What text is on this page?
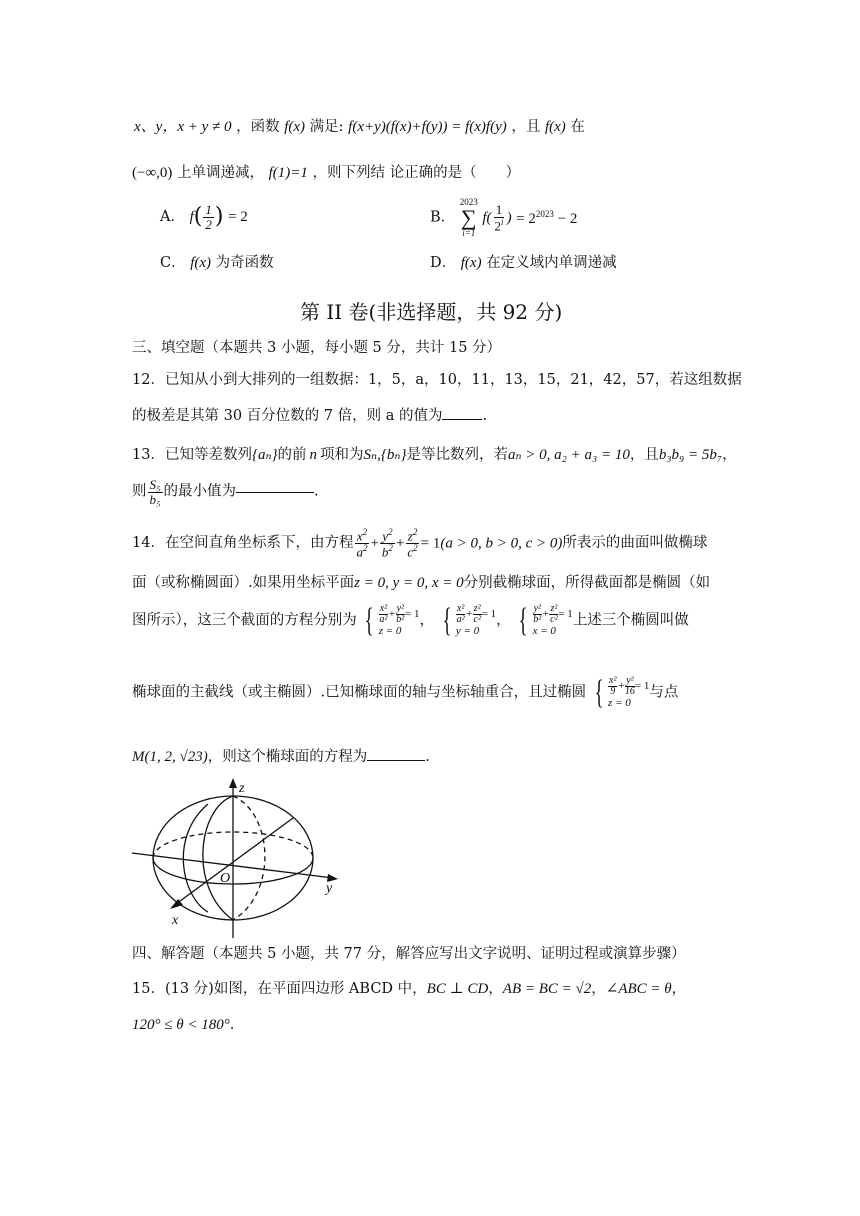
x、y，x + y ≠ 0 ，函数 f(x) 满足: f(x+y)(f(x)+f(y)) = f(x)f(y) ，且 f(x) 在
(−∞,0) 上单调递减， f(1)=1 ，则下列结 论正确的是（　　）
A． $f( \frac{1}{2}$ ) = 2	B．
2023
∑
i=1
$f( \frac{1}{2^i}$ ) = $2^{2023} - 2$
C． f(x) 为奇函数	D． f(x) 在定义域内单调递减
第 II 卷(非选择题，共 92 分)
三、填空题（本题共 3 小题，每小题 5 分，共计 15 分）
12．已知从小到大排列的一组数据：1，5，a，10，11，13，15，21，42，57，若这组数据
的极差是其第 30 百分位数的 7 倍，则 a 的值为	.
13．已知等差数列{aₙ}的前 n 项和为Sₙ,{bₙ}是等比数列，若aₙ > 0, a₂ + a₃ = 10，且b₃b₉ = 5b₇，
则 $\frac{\text{S₅}}{\text{b₅}}$ 的最小值为	.
14．在空间直角坐标系下，由方程 $\frac{x^2}{a^2} + \frac{y^2}{b^2} + \frac{z^2}{c^2} = 1(a > 0$, b > 0, c > 0)所表示的曲面叫做椭球
面（或称椭圆面）.如果用坐标平面z = 0, y = 0, x = 0分别截椭球面，所得截面都是椭圆（如
图所示），这三个截面的方程分别为 { $\frac{\text{x²}}{\text{a²}} + \frac{\text{y²}}{\text{b²}} = 1$
z = 0
， { $\frac{\text{x²}}{\text{a²}} + \frac{\text{z²}}{\text{c²}} = 1$
y = 0
， { $\frac{\text{y²}}{\text{b²}} + \frac{\text{z²}}{\text{c²}} = 1$
x = 0
上述三个椭圆叫做
椭球面的主截线（或主椭圆）.已知椭球面的轴与坐标轴重合，且过椭圆 { $\frac{\text{x²}}{9} + \frac{\text{y²}}{16} = 1$
z = 0
与点
M(1, 2, √23)，则这个椭球面的方程为	.
z
y
x
O
四、解答题（本题共 5 小题，共 77 分，解答应写出文字说明、证明过程或演算步骤）
15．(13 分)如图，在平面四边形 ABCD 中，BC ⊥ CD，AB = BC = √2，∠ABC = θ，
120° ≤ θ < 180°.
